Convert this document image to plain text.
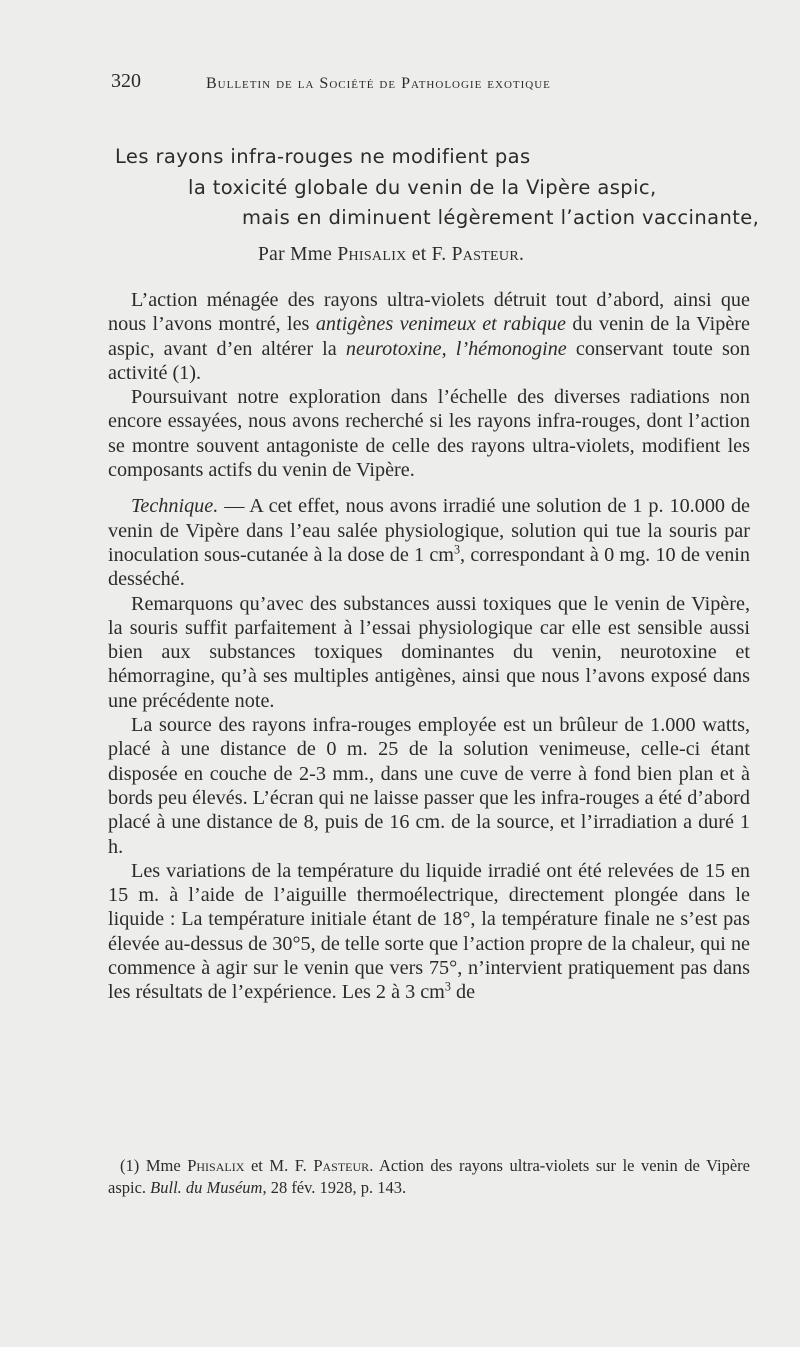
320	Bulletin de la Société de Pathologie exotique
Les rayons infra-rouges ne modifient pas
la toxicité globale du venin de la Vipère aspic,
mais en diminuent légèrement l’action vaccinante,
Par Mme Phisalix et F. Pasteur.

L’action ménagée des rayons ultra-violets détruit tout d’abord, ainsi que nous l’avons montré, les antigènes venimeux et rabique du venin de la Vipère aspic, avant d’en altérer la neurotoxine, l’hémonogine conservant toute son activité (1).

Poursuivant notre exploration dans l’échelle des diverses radiations non encore essayées, nous avons recherché si les rayons infra-rouges, dont l’action se montre souvent antagoniste de celle des rayons ultra-violets, modifient les composants actifs du venin de Vipère.

Technique. — A cet effet, nous avons irradié une solution de 1 p. 10.000 de venin de Vipère dans l’eau salée physiologique, solution qui tue la souris par inoculation sous-cutanée à la dose de 1 $cm^3$, correspondant à 0 mg. 10 de venin desséché.

Remarquons qu’avec des substances aussi toxiques que le venin de Vipère, la souris suffit parfaitement à l’essai physiologique car elle est sensible aussi bien aux substances toxiques dominantes du venin, neurotoxine et hémorragine, qu’à ses multiples antigènes, ainsi que nous l’avons exposé dans une précédente note.

La source des rayons infra-rouges employée est un brûleur de 1.000 watts, placé à une distance de 0 m. 25 de la solution venimeuse, celle-ci étant disposée en couche de 2-3 mm., dans une cuve de verre à fond bien plan et à bords peu élevés. L’écran qui ne laisse passer que les infra-rouges a été d’abord placé à une distance de 8, puis de 16 cm. de la source, et l’irradiation a duré 1 h.

Les variations de la température du liquide irradié ont été relevées de 15 en 15 m. à l’aide de l’aiguille thermoélectrique, directement plongée dans le liquide : La température initiale étant de 18°, la température finale ne s’est pas élevée au-dessus de 30°5, de telle sorte que l’action propre de la chaleur, qui ne commence à agir sur le venin que vers 75°, n’intervient pratiquement pas dans les résultats de l’expérience. Les 2 à 3 $cm^3$ de

(1) Mme Phisalix et M. F. Pasteur. Action des rayons ultra-violets sur le venin de Vipère aspic. Bull. du Muséum, 28 fév. 1928, p. 143.
